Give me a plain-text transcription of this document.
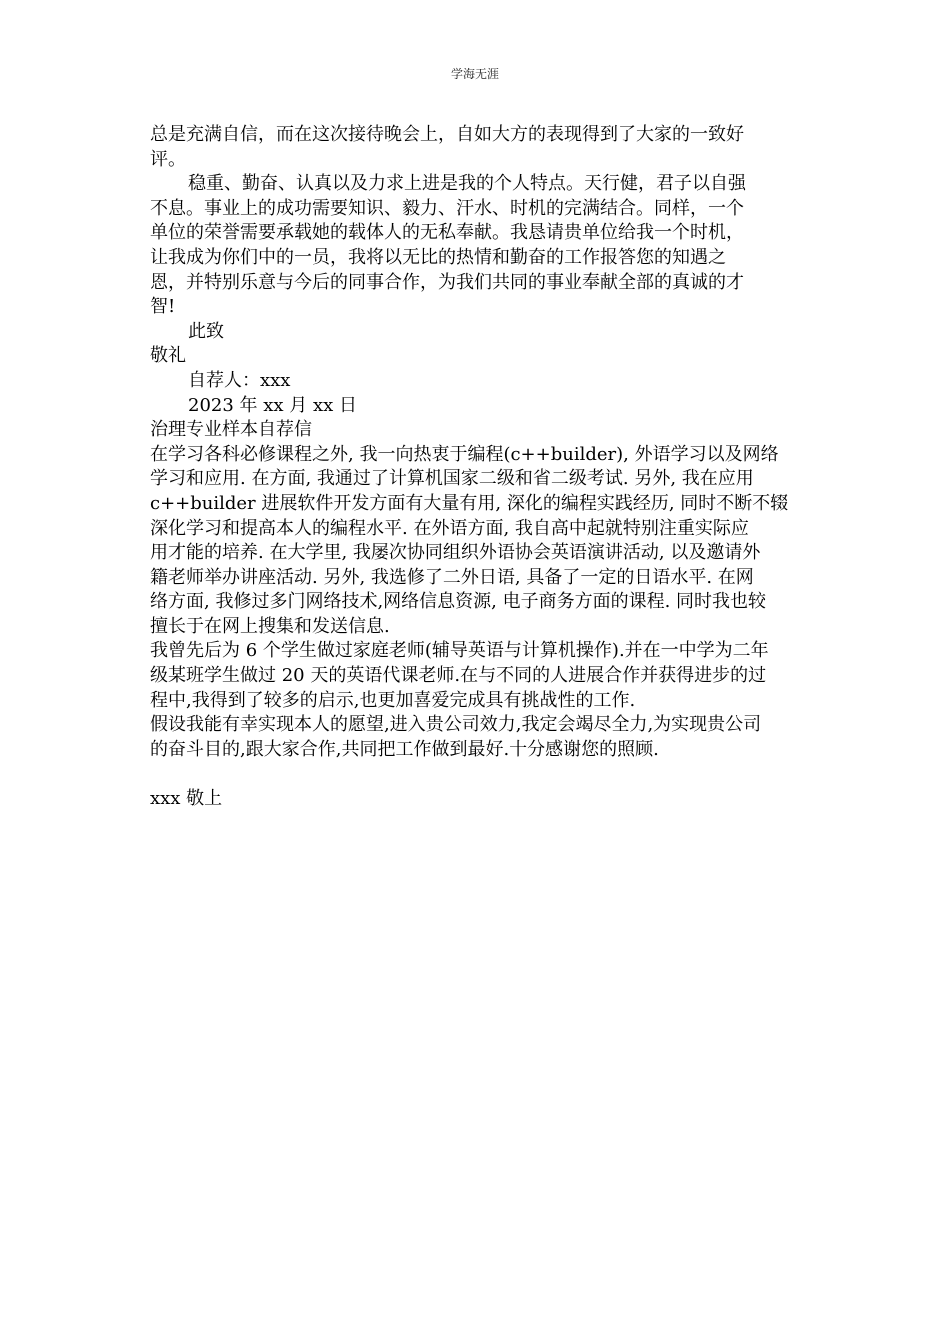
学海无涯
总是充满自信，而在这次接待晚会上，自如大方的表现得到了大家的一致好
评。
稳重、勤奋、认真以及力求上进是我的个人特点。天行健，君子以自强
不息。事业上的成功需要知识、毅力、汗水、时机的完满结合。同样，一个
单位的荣誉需要承载她的载体人的无私奉献。我恳请贵单位给我一个时机，
让我成为你们中的一员，我将以无比的热情和勤奋的工作报答您的知遇之
恩，并特别乐意与今后的同事合作，为我们共同的事业奉献全部的真诚的才
智!
此致
敬礼
自荐人：xxx
2023 年 xx 月 xx 日
治理专业样本自荐信
在学习各科必修课程之外, 我一向热衷于编程(c++builder), 外语学习以及网络
学习和应用. 在方面, 我通过了计算机国家二级和省二级考试. 另外, 我在应用
c++builder 进展软件开发方面有大量有用, 深化的编程实践经历, 同时不断不辍
深化学习和提高本人的编程水平. 在外语方面, 我自高中起就特别注重实际应
用才能的培养. 在大学里, 我屡次协同组织外语协会英语演讲活动, 以及邀请外
籍老师举办讲座活动. 另外, 我选修了二外日语, 具备了一定的日语水平. 在网
络方面, 我修过多门网络技术,网络信息资源, 电子商务方面的课程. 同时我也较
擅长于在网上搜集和发送信息.
我曾先后为 6 个学生做过家庭老师(辅导英语与计算机操作).并在一中学为二年
级某班学生做过 20 天的英语代课老师.在与不同的人进展合作并获得进步的过
程中,我得到了较多的启示,也更加喜爱完成具有挑战性的工作.
假设我能有幸实现本人的愿望,进入贵公司效力,我定会竭尽全力,为实现贵公司
的奋斗目的,跟大家合作,共同把工作做到最好.十分感谢您的照顾.
xxx 敬上
